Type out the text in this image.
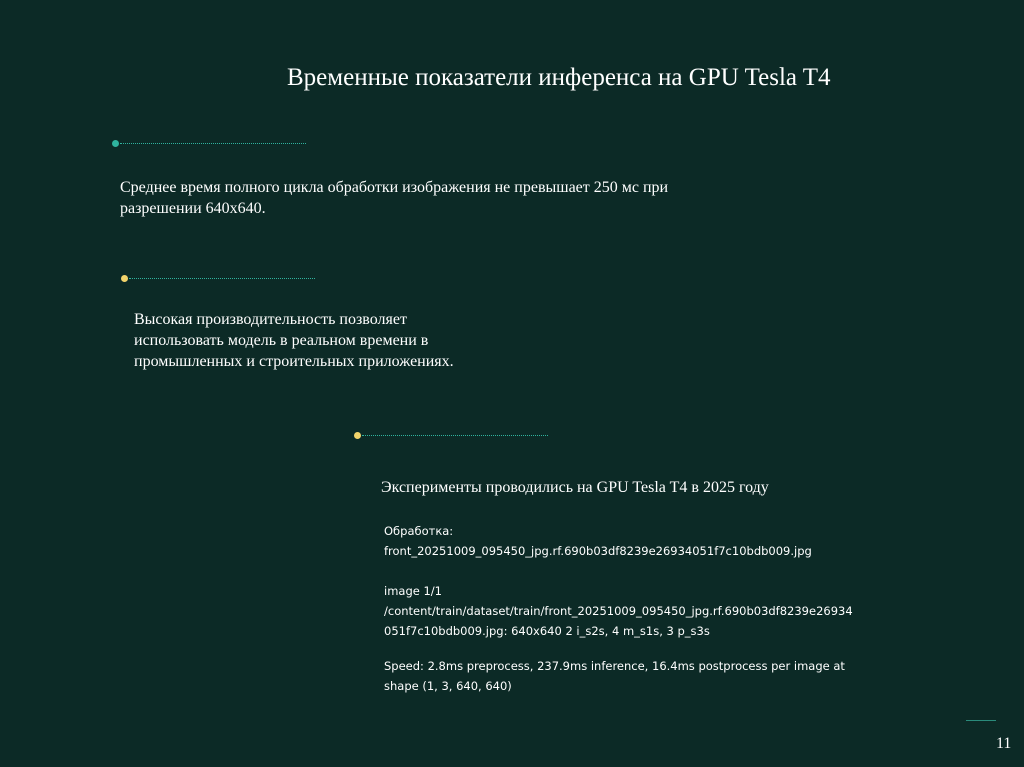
Временные показатели инференса на GPU Tesla T4
Среднее время полного цикла обработки изображения не превышает 250 мс при
разрешении 640х640.
Высокая производительность позволяет
использовать модель в реальном времени в
промышленных и строительных приложениях.
Эксперименты проводились на GPU Tesla T4 в 2025 году

Обработка:

front_20251009_095450_jpg.rf.690b03df8239e26934051f7c10bdb009.jpg

image 1/1

/content/train/dataset/train/front_20251009_095450_jpg.rf.690b03df8239e26934

051f7c10bdb009.jpg: 640x640 2 i_s2s, 4 m_s1s, 3 p_s3s

Speed: 2.8ms preprocess, 237.9ms inference, 16.4ms postprocess per image at

shape (1, 3, 640, 640)

11
